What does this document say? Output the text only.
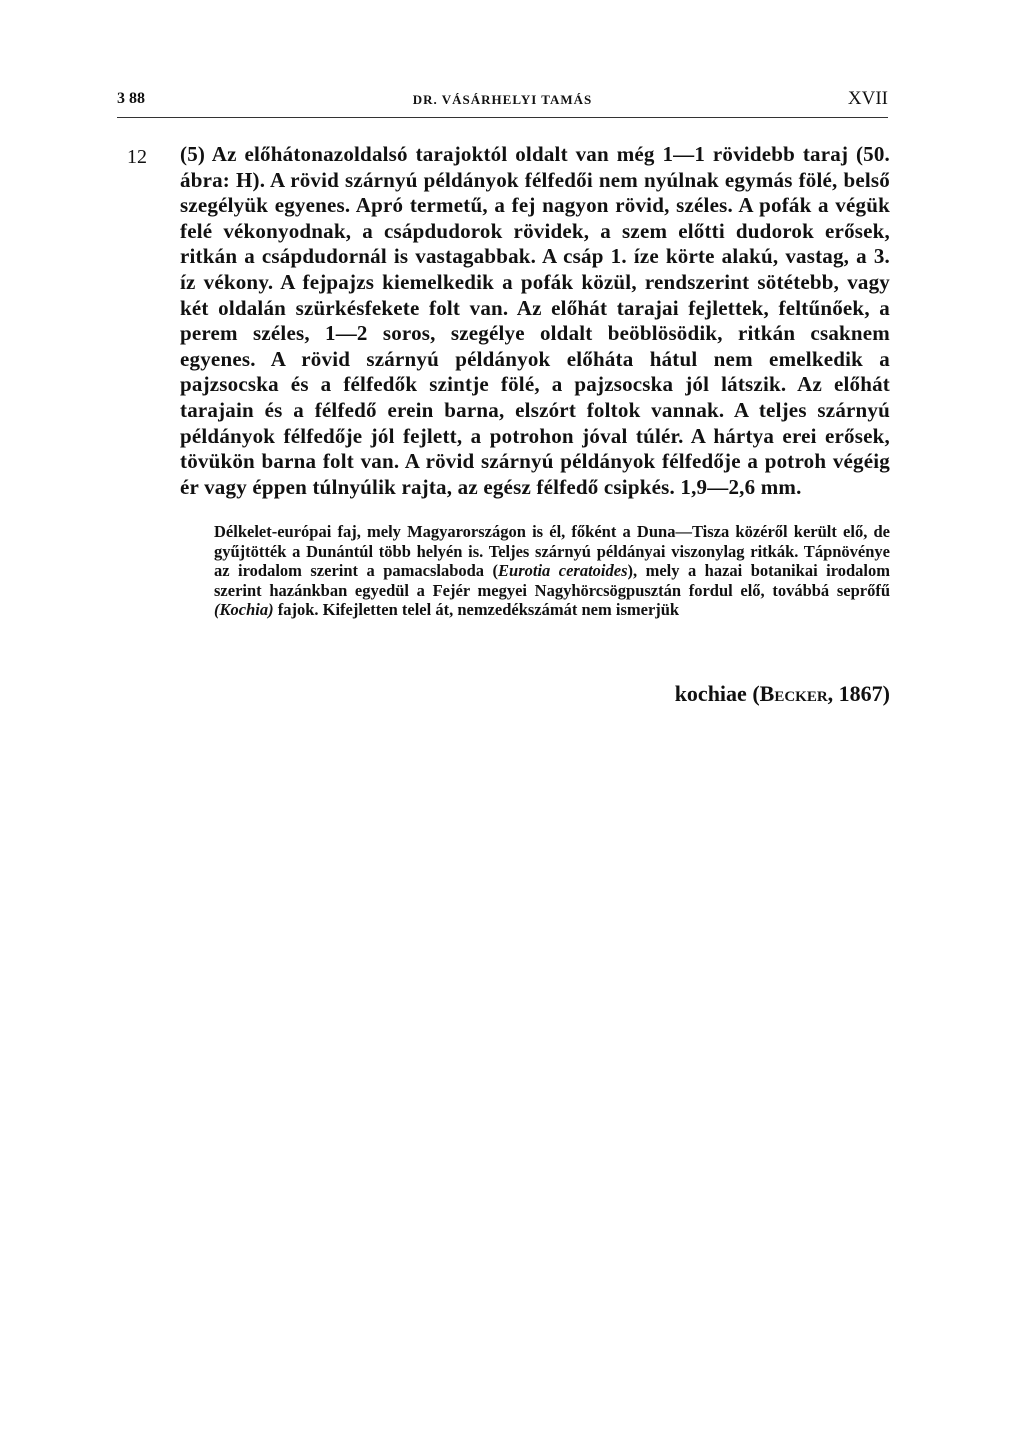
3 88	DR. VÁSÁRHELYI TAMÁS	XVII
12 (5) Az előhátonazoldalsó tarajoktól oldalt van még 1—1 rövidebb taraj (50. ábra: H). A rövid szárnyú példányok félfedői nem nyúlnak egymás fölé, belső szegélyük egyenes. Apró termetű, a fej nagyon rövid, széles. A pofák a végük felé vékonyodnak, a csápdudorok rövidek, a szem előtti dudorok erősek, ritkán a csápdudornál is vastagabbak. A csáp 1. íze körte alakú, vastag, a 3. íz vékony. A fejpajzs kiemelkedik a pofák közül, rendszerint sötétebb, vagy két oldalán szürkésfekete folt van. Az előhát tarajai fejlettek, feltűnőek, a perem széles, 1—2 soros, szegélye oldalt beöblösödik, ritkán csaknem egyenes. A rövid szárnyú példányok előháta hátul nem emelkedik a pajzsocska és a félfedők szintje fölé, a pajzsocska jól látszik. Az előhát tarajain és a félfedő erein barna, elszórt foltok vannak. A teljes szárnyú példányok félfedője jól fejlett, a potrohon jóval túlér. A hártya erei erősek, tövükön barna folt van. A rövid szárnyú példányok félfedője a potroh végéig ér vagy éppen túlnyúlik rajta, az egész félfedő csipkés. 1,9—2,6 mm.
Délkelet-európai faj, mely Magyarországon is él, főként a Duna—Tisza közéről került elő, de gyűjtötték a Dunántúl több helyén is. Teljes szárnyú példányai viszonylag ritkák. Tápnövénye az irodalom szerint a pamacslaboda (Eurotia ceratoides), mely a hazai botanikai irodalom szerint hazánkban egyedül a Fejér megyei Nagyhörcsögpusztán fordul elő, továbbá seprőfű (Kochia) fajok. Kifejletten telel át, nemzedékszámát nem ismerjük
kochiae (Becker, 1867)
